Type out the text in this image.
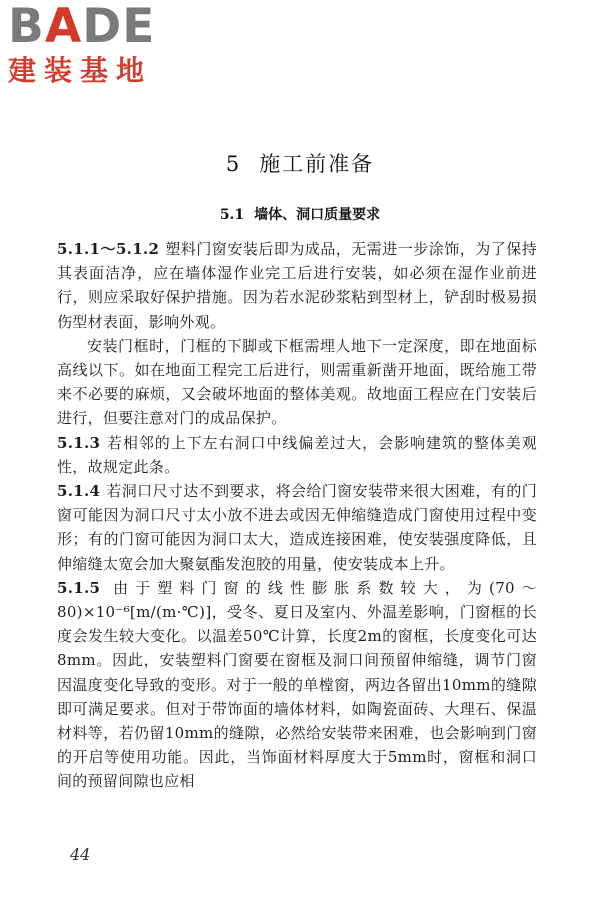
BADE
建装基地
5 施工前准备
5.1 墙体、洞口质量要求

5.1.1～5.1.2 塑料门窗安装后即为成品，无需进一步涂饰，为了保持其表面洁净，应在墙体湿作业完工后进行安装，如必须在湿作业前进行，则应采取好保护措施。因为若水泥砂浆粘到型材上，铲刮时极易损伤型材表面，影响外观。

安装门框时，门框的下脚或下框需埋人地下一定深度，即在地面标高线以下。如在地面工程完工后进行，则需重新凿开地面，既给施工带来不必要的麻烦，又会破坏地面的整体美观。故地面工程应在门安装后进行，但要注意对门的成品保护。

5.1.3 若相邻的上下左右洞口中线偏差过大，会影响建筑的整体美观性，故规定此条。

5.1.4 若洞口尺寸达不到要求，将会给门窗安装带来很大困难，有的门窗可能因为洞口尺寸太小放不进去或因无伸缩缝造成门窗使用过程中变形；有的门窗可能因为洞口太大，造成连接困难，使安装强度降低，且伸缩缝太宽会加大聚氨酯发泡胶的用量，使安装成本上升。

5.1.5 由于塑料门窗的线性膨胀系数较大，为(70～80)×10⁻⁶[m/(m·℃)]，受冬、夏日及室内、外温差影响，门窗框的长度会发生较大变化。以温差50℃计算，长度2m的窗框，长度变化可达8mm。因此，安装塑料门窗要在窗框及洞口间预留伸缩缝，调节门窗因温度变化导致的变形。对于一般的单樘窗，两边各留出10mm的缝隙即可满足要求。但对于带饰面的墙体材料，如陶瓷面砖、大理石、保温材料等，若仍留10mm的缝隙，必然给安装带来困难，也会影响到门窗的开启等使用功能。因此，当饰面材料厚度大于5mm时，窗框和洞口间的预留间隙也应相

44
